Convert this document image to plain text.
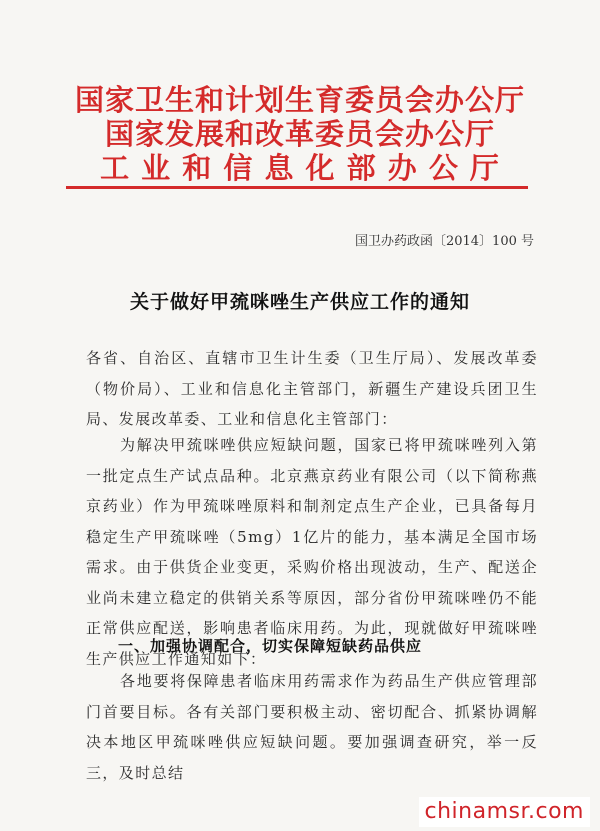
国家卫生和计划生育委员会办公厅
国家发展和改革委员会办公厅
工 业 和 信 息 化 部 办 公 厅
国卫办药政函〔2014〕100 号
关于做好甲巯咪唑生产供应工作的通知
各省、自治区、直辖市卫生计生委（卫生厅局）、发展改革委（物价局）、工业和信息化主管部门，新疆生产建设兵团卫生局、发展改革委、工业和信息化主管部门：
为解决甲巯咪唑供应短缺问题，国家已将甲巯咪唑列入第一批定点生产试点品种。北京燕京药业有限公司（以下简称燕京药业）作为甲巯咪唑原料和制剂定点生产企业，已具备每月稳定生产甲巯咪唑（5mg）1亿片的能力，基本满足全国市场需求。由于供货企业变更，采购价格出现波动，生产、配送企业尚未建立稳定的供销关系等原因，部分省份甲巯咪唑仍不能正常供应配送，影响患者临床用药。为此，现就做好甲巯咪唑生产供应工作通知如下：
一、加强协调配合，切实保障短缺药品供应
各地要将保障患者临床用药需求作为药品生产供应管理部门首要目标。各有关部门要积极主动、密切配合、抓紧协调解决本地区甲巯咪唑供应短缺问题。要加强调查研究，举一反三，及时总结
chinamsr.com
